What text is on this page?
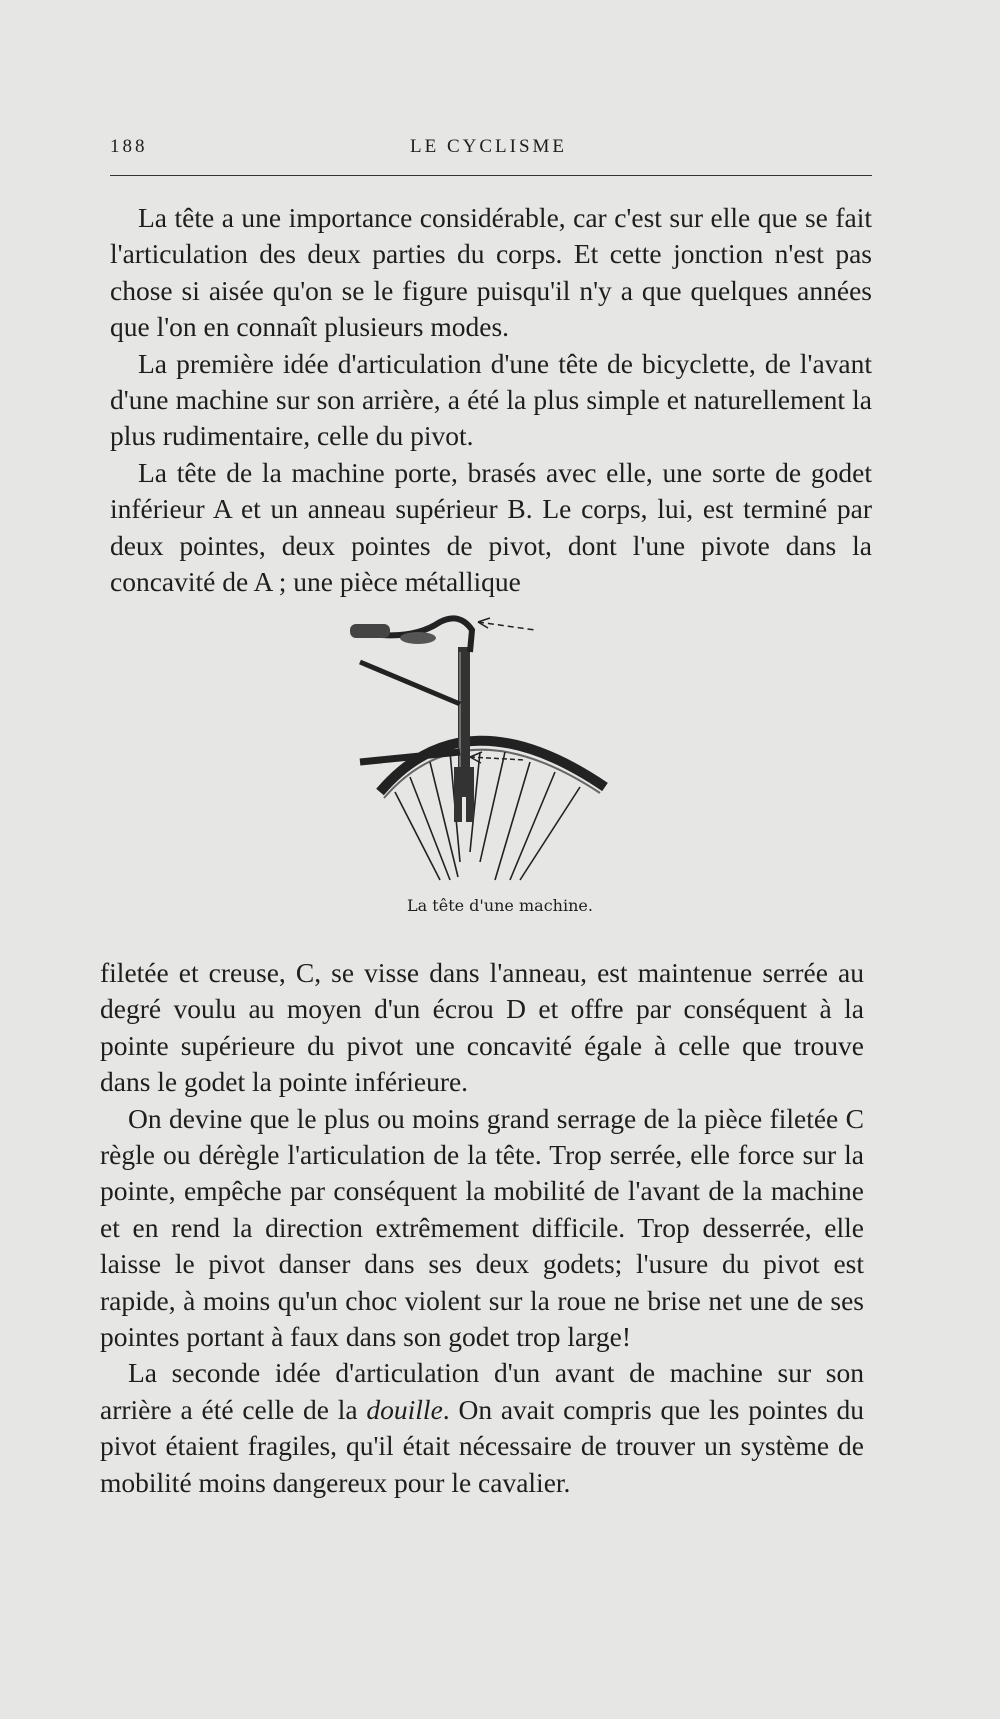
188	LE CYCLISME

La tête a une importance considérable, car c'est sur elle que se fait l'articulation des deux parties du corps. Et cette jonction n'est pas chose si aisée qu'on se le figure puisqu'il n'y a que quelques années que l'on en connaît plusieurs modes.

La première idée d'articulation d'une tête de bicyclette, de l'avant d'une machine sur son arrière, a été la plus simple et naturellement la plus rudimentaire, celle du pivot.

La tête de la machine porte, brasés avec elle, une sorte de godet inférieur A et un anneau supérieur B. Le corps, lui, est terminé par deux pointes, deux pointes de pivot, dont l'une pivote dans la concavité de A ; une pièce métallique

La tête d'une machine.

filetée et creuse, C, se visse dans l'anneau, est maintenue serrée au degré voulu au moyen d'un écrou D et offre par conséquent à la pointe supérieure du pivot une concavité égale à celle que trouve dans le godet la pointe inférieure.

On devine que le plus ou moins grand serrage de la pièce filetée C règle ou dérègle l'articulation de la tête. Trop serrée, elle force sur la pointe, empêche par conséquent la mobilité de l'avant de la machine et en rend la direction extrêmement difficile. Trop desserrée, elle laisse le pivot danser dans ses deux godets; l'usure du pivot est rapide, à moins qu'un choc violent sur la roue ne brise net une de ses pointes portant à faux dans son godet trop large!

La seconde idée d'articulation d'un avant de machine sur son arrière a été celle de la douille. On avait compris que les pointes du pivot étaient fragiles, qu'il était nécessaire de trouver un système de mobilité moins dangereux pour le cavalier.
